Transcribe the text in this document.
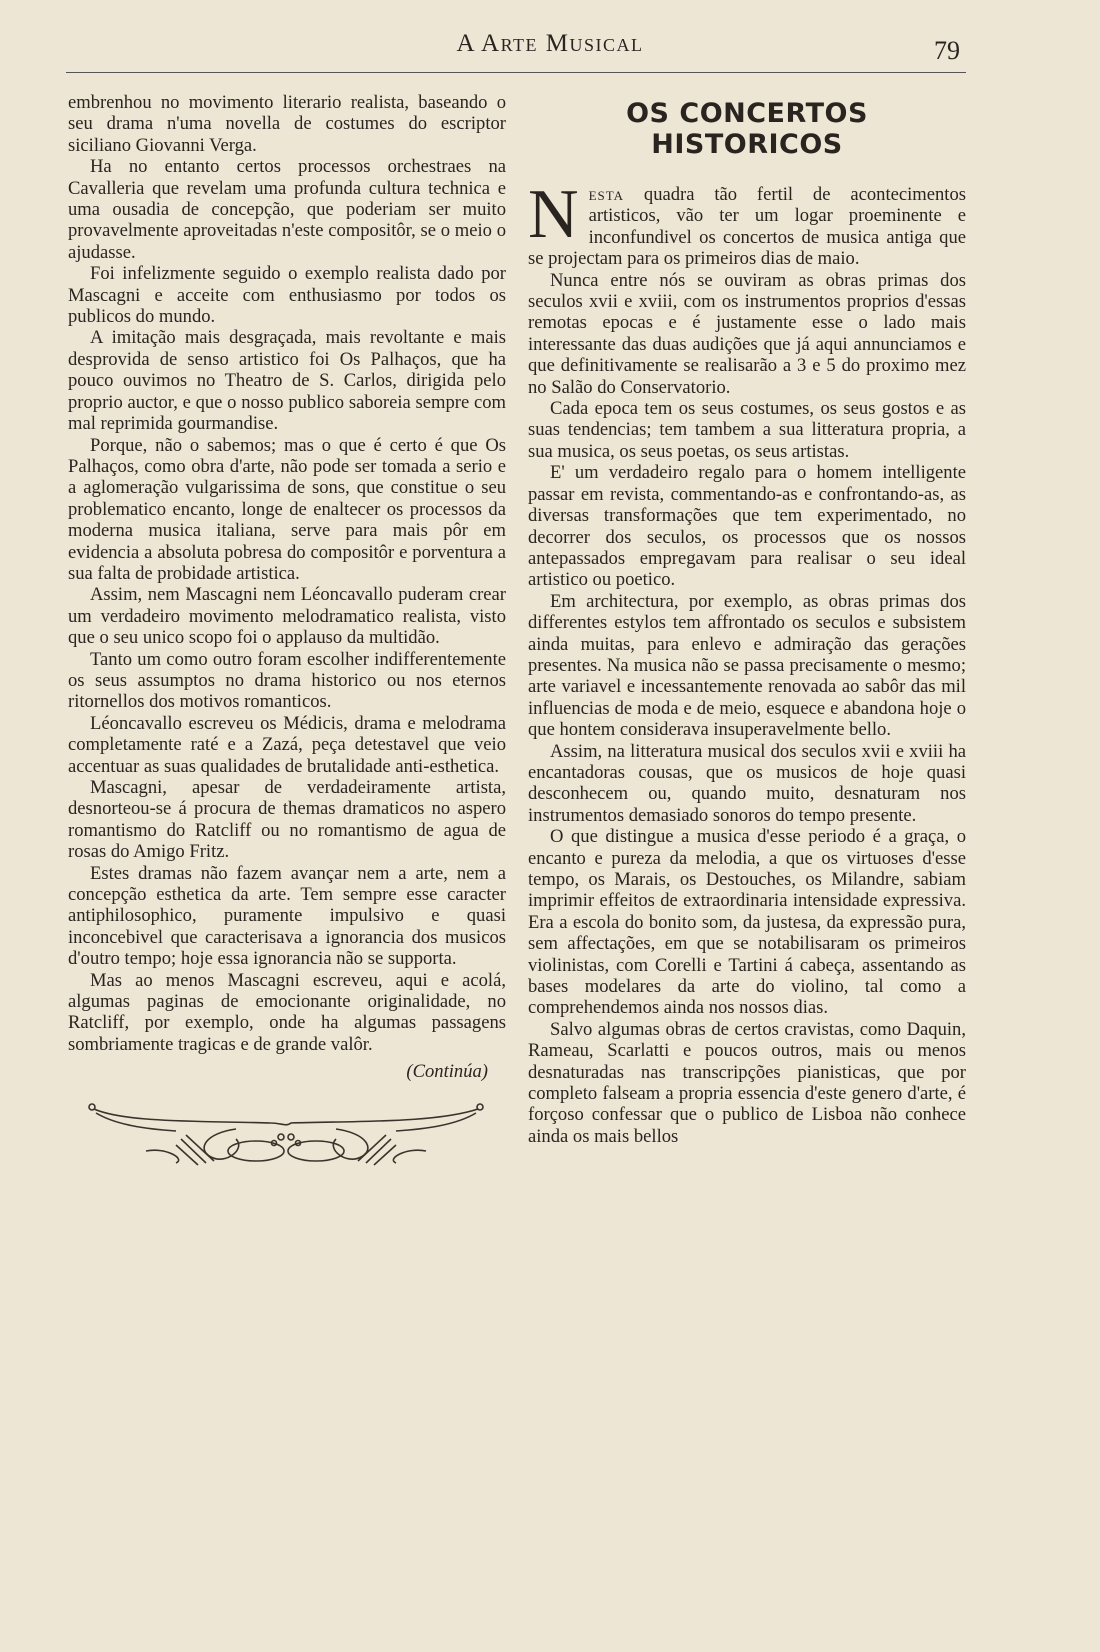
A Arte Musical	79

embrenhou no movimento literario realista, baseando o seu drama n'uma novella de costumes do escriptor siciliano Giovanni Verga.

Ha no entanto certos processos orchestraes na Cavalleria que revelam uma profunda cultura technica e uma ousadia de concepção, que poderiam ser muito provavelmente aproveitadas n'este compositôr, se o meio o ajudasse.

Foi infelizmente seguido o exemplo realista dado por Mascagni e acceite com enthusiasmo por todos os publicos do mundo.

A imitação mais desgraçada, mais revoltante e mais desprovida de senso artistico foi Os Palhaços, que ha pouco ouvimos no Theatro de S. Carlos, dirigida pelo proprio auctor, e que o nosso publico saboreia sempre com mal reprimida gourmandise.

Porque, não o sabemos; mas o que é certo é que Os Palhaços, como obra d'arte, não pode ser tomada a serio e a aglomeração vulgarissima de sons, que constitue o seu problematico encanto, longe de enaltecer os processos da moderna musica italiana, serve para mais pôr em evidencia a absoluta pobresa do compositôr e porventura a sua falta de probidade artistica.

Assim, nem Mascagni nem Léoncavallo puderam crear um verdadeiro movimento melodramatico realista, visto que o seu unico scopo foi o applauso da multidão.

Tanto um como outro foram escolher indifferentemente os seus assumptos no drama historico ou nos eternos ritornellos dos motivos romanticos.

Léoncavallo escreveu os Médicis, drama e melodrama completamente raté e a Zazá, peça detestavel que veio accentuar as suas qualidades de brutalidade anti-esthetica.

Mascagni, apesar de verdadeiramente artista, desnorteou-se á procura de themas dramaticos no aspero romantismo do Ratcliff ou no romantismo de agua de rosas do Amigo Fritz.

Estes dramas não fazem avançar nem a arte, nem a concepção esthetica da arte. Tem sempre esse caracter antiphilosophico, puramente impulsivo e quasi inconcebivel que caracterisava a ignorancia dos musicos d'outro tempo; hoje essa ignorancia não se supporta.

Mas ao menos Mascagni escreveu, aqui e acolá, algumas paginas de emocionante originalidade, no Ratcliff, por exemplo, onde ha algumas passagens sombriamente tragicas e de grande valôr.

(Continúa)
OS CONCERTOS HISTORICOS

Nesta quadra tão fertil de acontecimentos artisticos, vão ter um logar proeminente e inconfundivel os concertos de musica antiga que se projectam para os primeiros dias de maio.

Nunca entre nós se ouviram as obras primas dos seculos xvii e xviii, com os instrumentos proprios d'essas remotas epocas e é justamente esse o lado mais interessante das duas audições que já aqui annunciamos e que definitivamente se realisarão a 3 e 5 do proximo mez no Salão do Conservatorio.

Cada epoca tem os seus costumes, os seus gostos e as suas tendencias; tem tambem a sua litteratura propria, a sua musica, os seus poetas, os seus artistas.

E' um verdadeiro regalo para o homem intelligente passar em revista, commentando-as e confrontando-as, as diversas transformações que tem experimentado, no decorrer dos seculos, os processos que os nossos antepassados empregavam para realisar o seu ideal artistico ou poetico.

Em architectura, por exemplo, as obras primas dos differentes estylos tem affrontado os seculos e subsistem ainda muitas, para enlevo e admiração das gerações presentes. Na musica não se passa precisamente o mesmo; arte variavel e incessantemente renovada ao sabôr das mil influencias de moda e de meio, esquece e abandona hoje o que hontem considerava insuperavelmente bello.

Assim, na litteratura musical dos seculos xvii e xviii ha encantadoras cousas, que os musicos de hoje quasi desconhecem ou, quando muito, desnaturam nos instrumentos demasiado sonoros do tempo presente.

O que distingue a musica d'esse periodo é a graça, o encanto e pureza da melodia, a que os virtuoses d'esse tempo, os Marais, os Destouches, os Milandre, sabiam imprimir effeitos de extraordinaria intensidade expressiva. Era a escola do bonito som, da justesa, da expressão pura, sem affectações, em que se notabilisaram os primeiros violinistas, com Corelli e Tartini á cabeça, assentando as bases modelares da arte do violino, tal como a comprehendemos ainda nos nossos dias.

Salvo algumas obras de certos cravistas, como Daquin, Rameau, Scarlatti e poucos outros, mais ou menos desnaturadas nas transcripções pianisticas, que por completo falseam a propria essencia d'este genero d'arte, é forçoso confessar que o publico de Lisboa não conhece ainda os mais bellos
